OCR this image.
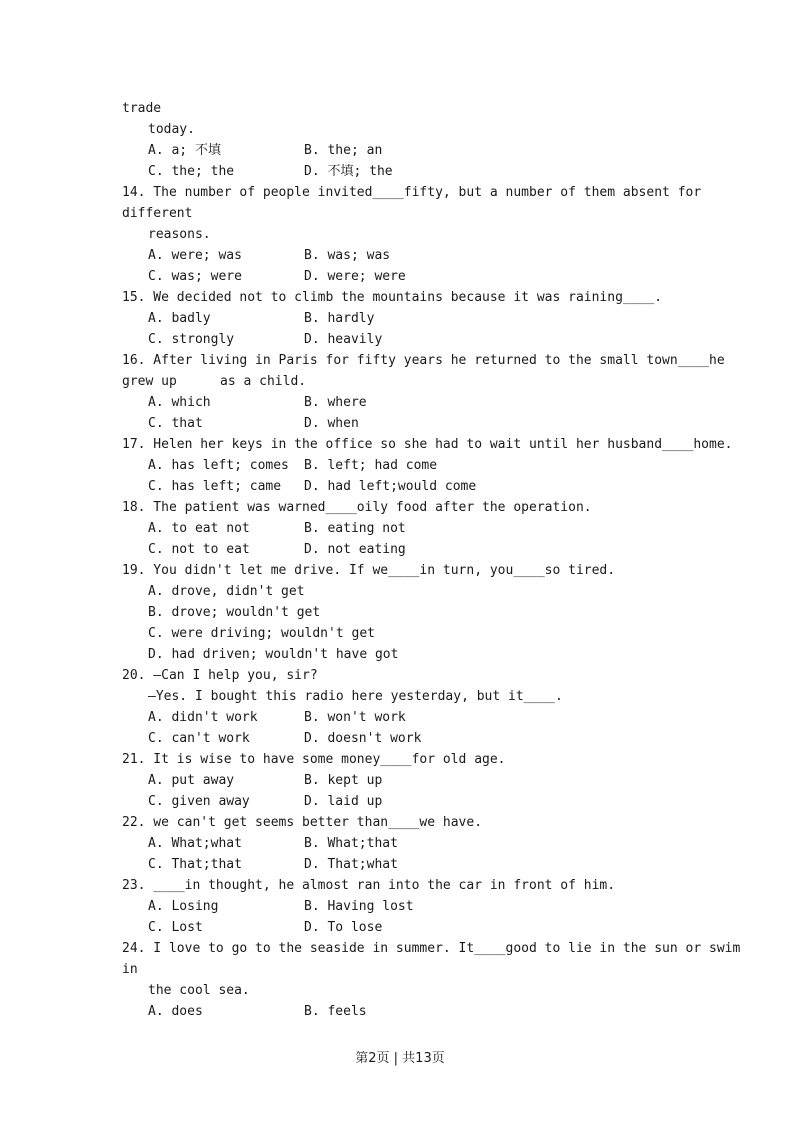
trade
today.
A. a; 不填	B. the; an
C. the; the	D. 不填; the
14. The number of people invited____fifty, but a number of them absent for
different
reasons.
A. were; was	B. was; was
C. was; were	D. were; were
15. We decided not to climb the mountains because it was raining____.
A. badly	B. hardly
C. strongly	D. heavily
16. After living in Paris for fifty years he returned to the small town____he
grew up	as a child.
A. which	B. where
C. that	D. when
17. Helen her keys in the office so she had to wait until her husband____home.
A. has left; comes B. left; had come
C. has left; came D. had left;would come
18. The patient was warned____oily food after the operation.
A. to eat not	B. eating not
C. not to eat	D. not eating
19. You didn't let me drive. If we____in turn, you____so tired.
A. drove, didn't get
B. drove; wouldn't get
C. were driving; wouldn't get
D. had driven; wouldn't have got
20. —Can I help you, sir?
—Yes. I bought this radio here yesterday, but it____.
A. didn't work	B. won't work
C. can't work	D. doesn't work
21. It is wise to have some money____for old age.
A. put away	B. kept up
C. given away	D. laid up
22. we can't get seems better than____we have.
A. What;what	B. What;that
C. That;that	D. That;what
23. ____in thought, he almost ran into the car in front of him.
A. Losing	B. Having lost
C. Lost	D. To lose
24. I love to go to the seaside in summer. It____good to lie in the sun or swim
in
the cool sea.
A. does	B. feels
第2页 | 共13页
